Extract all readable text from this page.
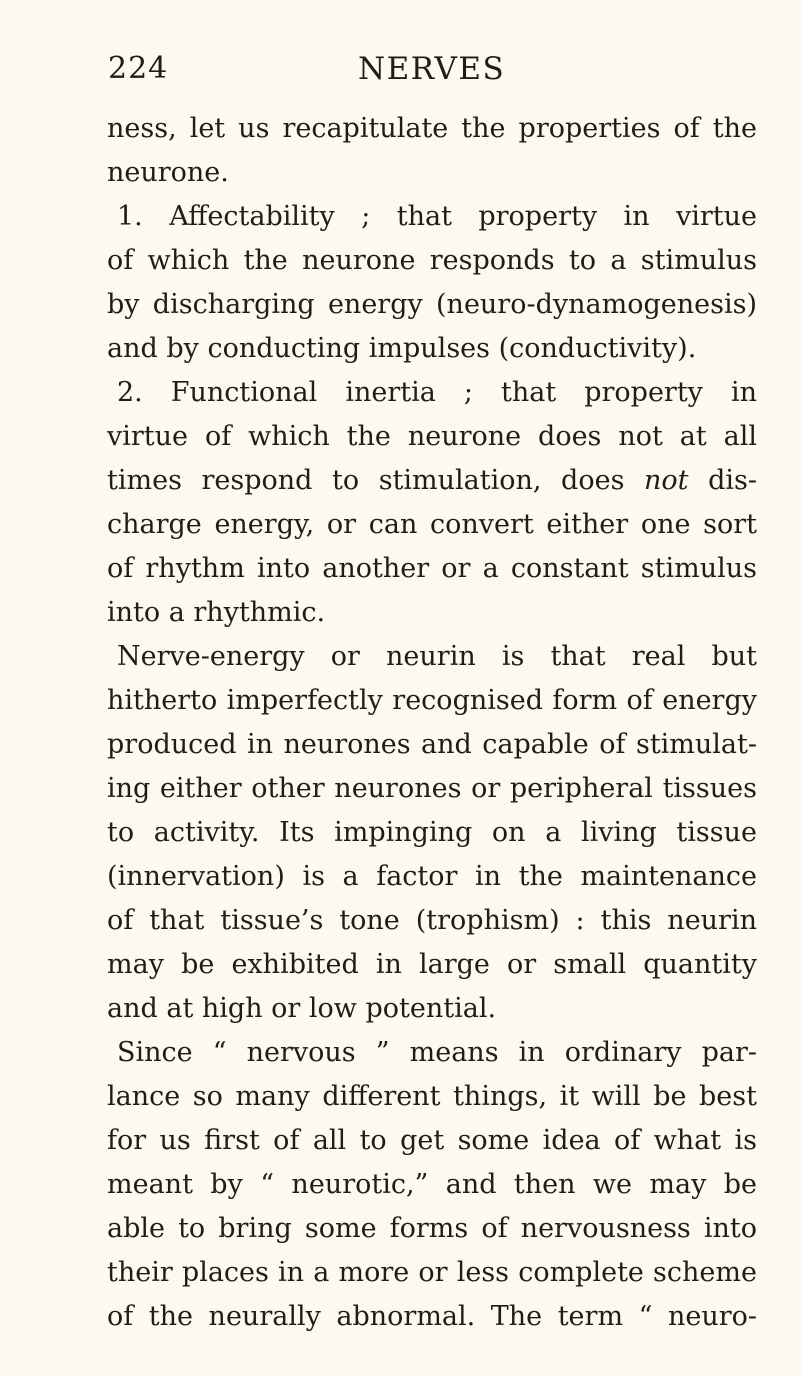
224	NERVES
ness, let us recapitulate the properties of the
neurone.
1. Affectability ; that property in virtue
of which the neurone responds to a stimulus
by discharging energy (neuro-dynamogenesis)
and by conducting impulses (conductivity).
2. Functional inertia ; that property in
virtue of which the neurone does not at all
times respond to stimulation, does not dis-
charge energy, or can convert either one sort
of rhythm into another or a constant stimulus
into a rhythmic.
Nerve-energy or neurin is that real but
hitherto imperfectly recognised form of energy
produced in neurones and capable of stimulat-
ing either other neurones or peripheral tissues
to activity. Its impinging on a living tissue
(innervation) is a factor in the maintenance
of that tissue’s tone (trophism) : this neurin
may be exhibited in large or small quantity
and at high or low potential.
Since “ nervous ” means in ordinary par-
lance so many different things, it will be best
for us first of all to get some idea of what is
meant by “ neurotic,” and then we may be
able to bring some forms of nervousness into
their places in a more or less complete scheme
of the neurally abnormal. The term “ neuro-
